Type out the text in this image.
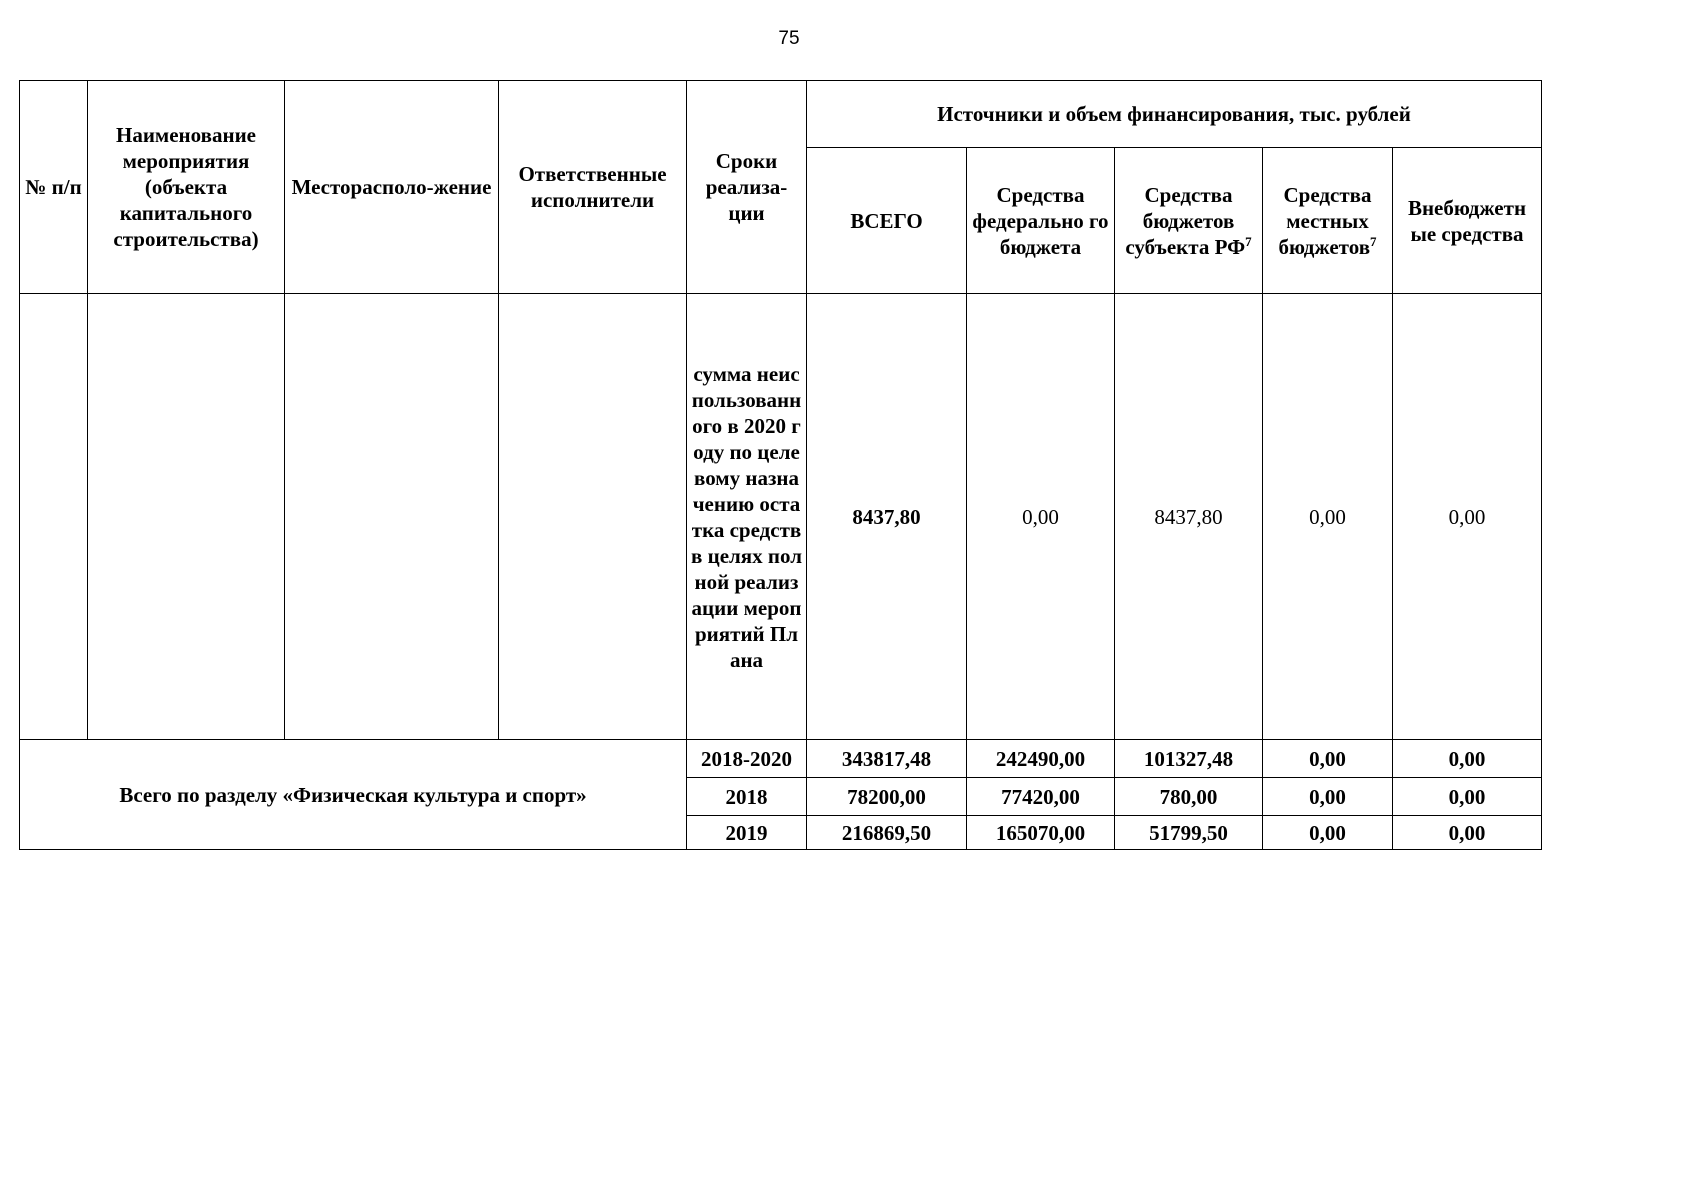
75
№ п/п	Наименование мероприятия (объекта капитального строительства)	Месторасполо-жение	Ответственные исполнители	Сроки реализа-ции	Источники и объем финансирования, тыс. рублей				
					ВСЕГО	Средства федерально го бюджета	Средства бюджетов субъекта $РФ^7$	Средства местных бюджетов$^7$	Внебюджетн ые средства
				сумма неиспользованного в 2020 году по целевому назначению остатка средств в целях полной реализации мероприятий Плана	8437,80	0,00	8437,80	0,00	0,00
Всего по разделу «Физическая культура и спорт»				2018-2020	343817,48	242490,00	101327,48	0,00	0,00
				2018	78200,00	77420,00	780,00	0,00	0,00
				2019	216869,50	165070,00	51799,50	0,00	0,00
